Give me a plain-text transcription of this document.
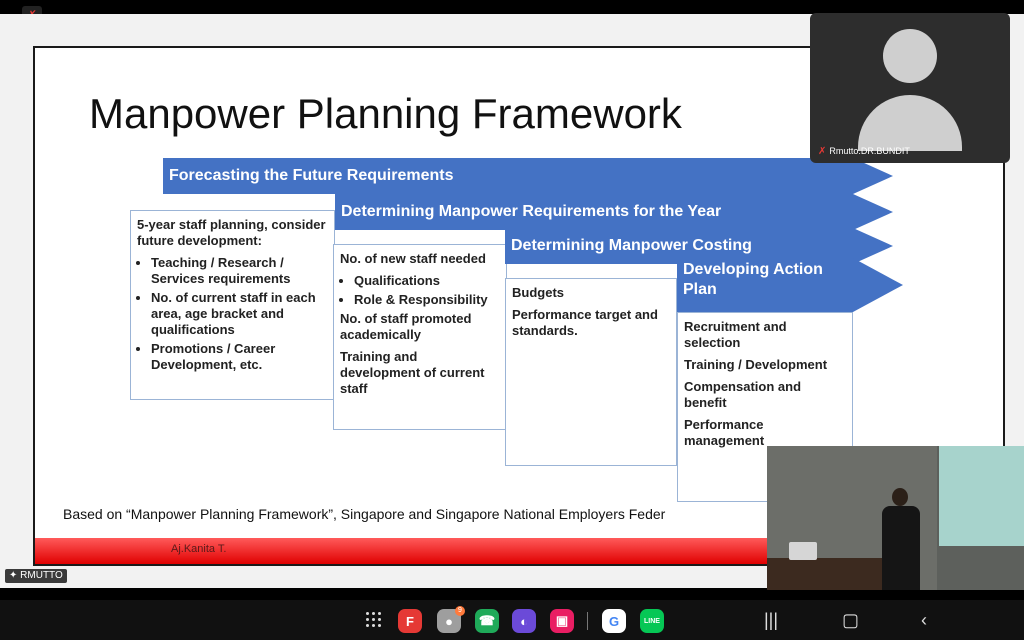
Manpower Planning Framework
Forecasting the Future Requirements

5-year staff planning, consider future development:

• Teaching / Research / Services requirements
• No. of current staff in each area, age bracket and qualifications
• Promotions / Career Development, etc.
Determining Manpower Requirements for the Year

No. of new staff needed

• Qualifications
• Role & Responsibility

No. of staff promoted academically

Training and development of current staff

Determining Manpower Costing

Budgets

Performance target and standards.

Developing Action Plan

Recruitment and selection

Training / Development

Compensation and benefit

Performance management

Based on “Manpower Planning Framework”, Singapore and Singapore National Employers Feder
Aj.Kanita T.
✗ Rmutto.DR.BUNDIT
✦ RMUTTO
F ●
9
☎ ◐ ▣	G	LINE	|||	▢	‹
